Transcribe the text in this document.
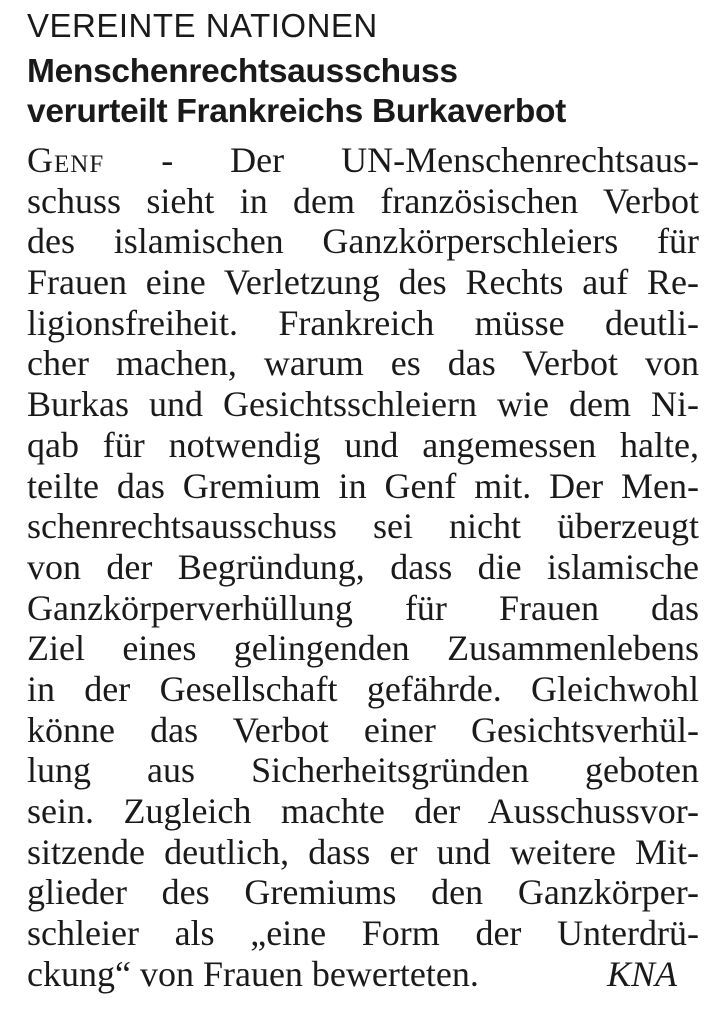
VEREINTE NATIONEN
Menschenrechtsausschuss
verurteilt Frankreichs Burkaverbot
Genf - Der UN-Menschenrechtsaus-
schuss sieht in dem französischen Verbot
des islamischen Ganzkörperschleiers für
Frauen eine Verletzung des Rechts auf Re-
ligionsfreiheit. Frankreich müsse deutli-
cher machen, warum es das Verbot von
Burkas und Gesichtsschleiern wie dem Ni-
qab für notwendig und angemessen halte,
teilte das Gremium in Genf mit. Der Men-
schenrechtsausschuss sei nicht überzeugt
von der Begründung, dass die islamische
Ganzkörperverhüllung für Frauen das
Ziel eines gelingenden Zusammenlebens
in der Gesellschaft gefährde. Gleichwohl
könne das Verbot einer Gesichtsverhül-
lung aus Sicherheitsgründen geboten
sein. Zugleich machte der Ausschussvor-
sitzende deutlich, dass er und weitere Mit-
glieder des Gremiums den Ganzkörper-
schleier als „eine Form der Unterdrü-
ckung“ von Frauen bewerteten.	KNA
